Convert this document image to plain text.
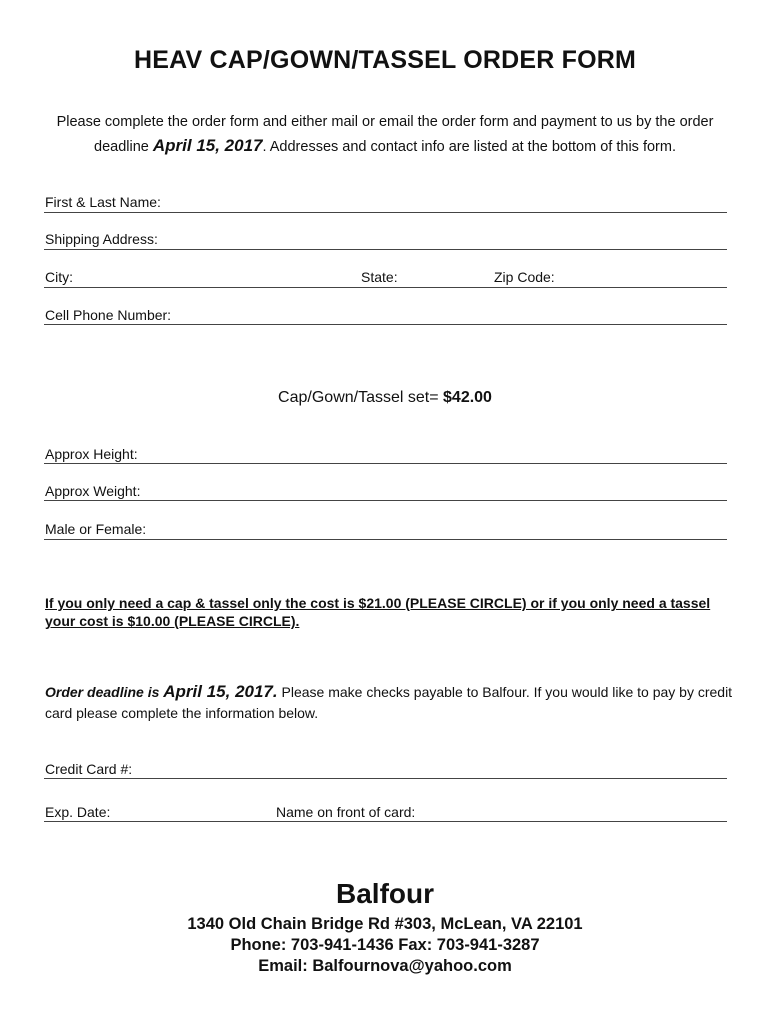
HEAV CAP/GOWN/TASSEL ORDER FORM
Please complete the order form and either mail or email the order form and payment to us by the order deadline April 15, 2017. Addresses and contact info are listed at the bottom of this form.
First & Last Name:
Shipping Address:
City:	State:	Zip Code:
Cell Phone Number:
Cap/Gown/Tassel set= $42.00
Approx Height:
Approx Weight:
Male or Female:
If you only need a cap & tassel only the cost is $21.00 (PLEASE CIRCLE) or if you only need a tassel your cost is $10.00 (PLEASE CIRCLE).
Order deadline is April 15, 2017. Please make checks payable to Balfour. If you would like to pay by credit card please complete the information below.
Credit Card #:
Exp. Date:	Name on front of card:
Balfour
1340 Old Chain Bridge Rd #303, McLean, VA 22101
Phone: 703-941-1436 Fax: 703-941-3287
Email: Balfournova@yahoo.com
